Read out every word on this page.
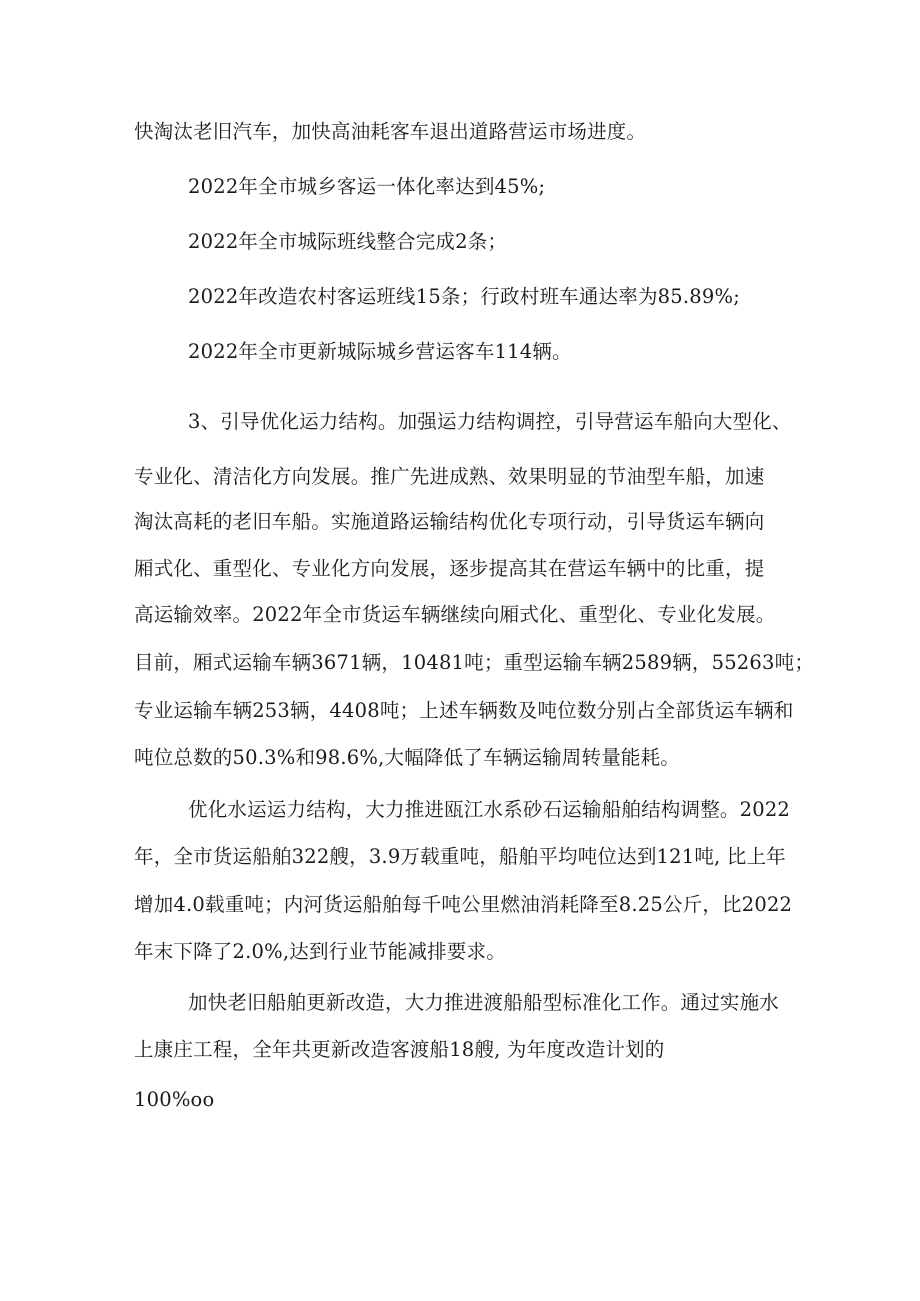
快淘汰老旧汽车，加快高油耗客车退出道路营运市场进度。
2022年全市城乡客运一体化率达到45%;
2022年全市城际班线整合完成2条；
2022年改造农村客运班线15条；行政村班车通达率为85.89%;
2022年全市更新城际城乡营运客车114辆。
3、引导优化运力结构。加强运力结构调控，引导营运车船向大型化、
专业化、清洁化方向发展。推广先进成熟、效果明显的节油型车船，加速
淘汰高耗的老旧车船。实施道路运输结构优化专项行动，引导货运车辆向
厢式化、重型化、专业化方向发展，逐步提高其在营运车辆中的比重，提
高运输效率。2022年全市货运车辆继续向厢式化、重型化、专业化发展。
目前，厢式运输车辆3671辆，10481吨；重型运输车辆2589辆，55263吨；
专业运输车辆253辆，4408吨；上述车辆数及吨位数分别占全部货运车辆和
吨位总数的50.3%和98.6%,大幅降低了车辆运输周转量能耗。
优化水运运力结构，大力推进瓯江水系砂石运输船舶结构调整。2022
年，全市货运船舶322艘，3.9万载重吨，船舶平均吨位达到121吨, 比上年
增加4.0载重吨；内河货运船舶每千吨公里燃油消耗降至8.25公斤，比2022
年末下降了2.0%,达到行业节能减排要求。
加快老旧船舶更新改造，大力推进渡船船型标准化工作。通过实施水
上康庄工程，全年共更新改造客渡船18艘, 为年度改造计划的
100%oo
